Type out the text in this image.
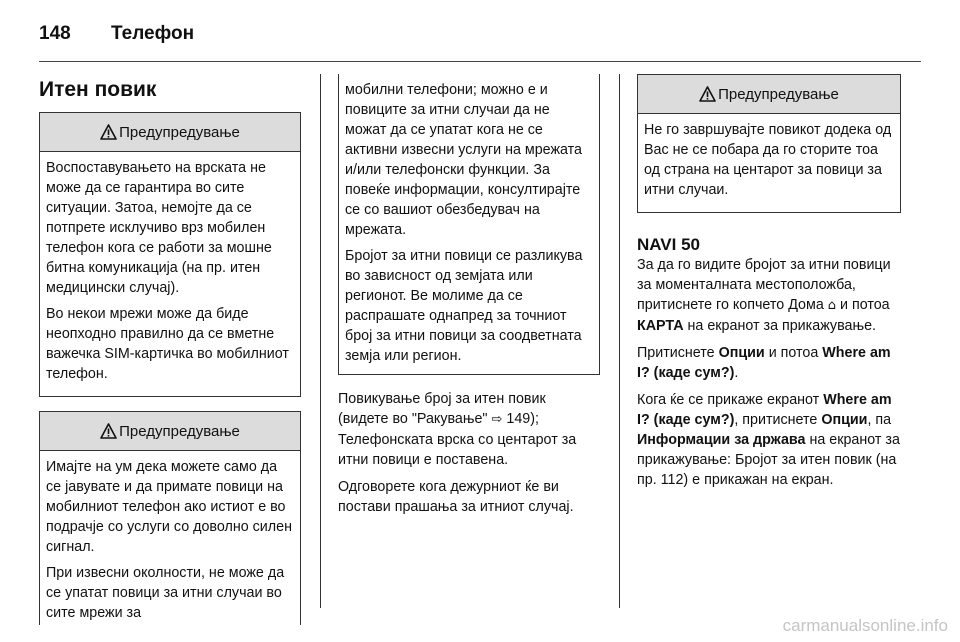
148	Телефон
Итен повик
Предупредување

Воспоставувањето на врската не може да се гарантира во сите ситуации. Затоа, немојте да се потпрете исклучиво врз мобилен телефон кога се работи за мошне битна комуникација (на пр. итен медицински случај).

Во некои мрежи може да биде неопходно правилно да се вметне важечка SIM-картичка во мобилниот телефон.

Предупредување

Имајте на ум дека можете само да се јавувате и да примате повици на мобилниот телефон ако истиот е во подрачје со услуги со доволно силен сигнал.

При извесни околности, не може да се упатат повици за итни случаи во сите мрежи за

мобилни телефони; можно е и повиците за итни случаи да не можат да се упатат кога не се активни извесни услуги на мрежата и/или телефонски функции. За повеќе информации, консултирајте се со вашиот обезбедувач на мрежата.

Бројот за итни повици се разликува во зависност од земјата или регионот. Ве молиме да се распрашате однапред за точниот број за итни повици за соодветната земја или регион.

Повикување број за итен повик (видете во "Ракување" ⇨ 149); Телефонската врска со центарот за итни повици е поставена.

Одговорете кога дежурниот ќе ви постави прашања за итниот случај.

Предупредување

Не го завршувајте повикот додека од Вас не се побара да го сторите тоа од страна на центарот за повици за итни случаи.

NAVI 50

За да го видите бројот за итни повици за моменталната местоположба, притиснете го копчето Дома ⌂ и потоа КАРТА на екранот за прикажување.

Притиснете Опции и потоа Where am I? (каде сум?).

Кога ќе се прикаже екранот Where am I? (каде сум?), притиснете Опции, па Информации за држава на екранот за прикажување: Бројот за итен повик (на пр. 112) е прикажан на екран.

carmanualsonline.info
